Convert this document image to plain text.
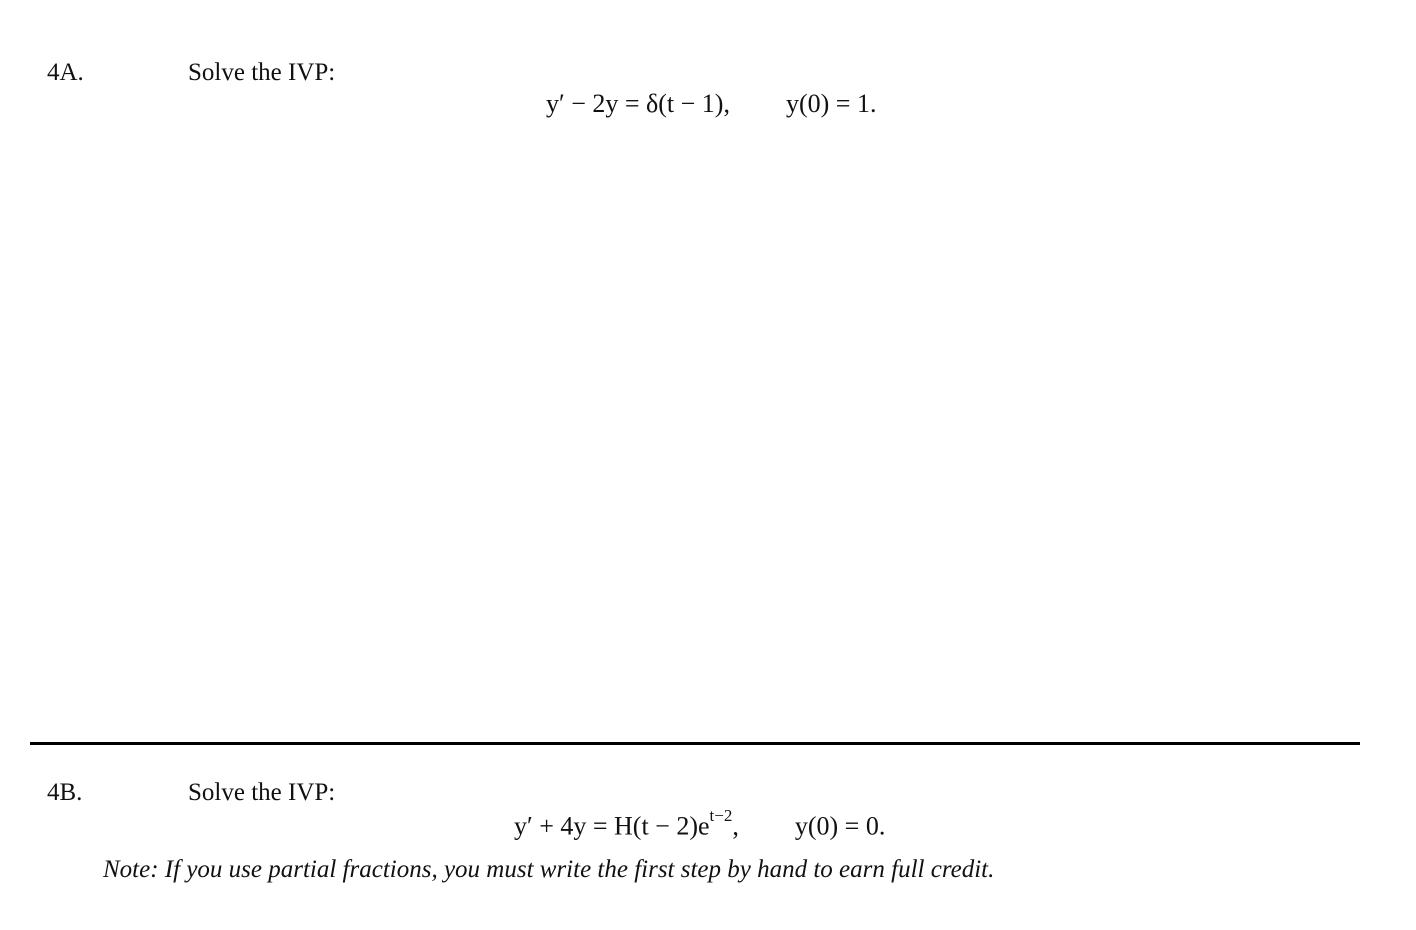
4A.	Solve the IVP:
y′ − 2y = δ(t − 1), y(0) = 1.
4B.	Solve the IVP:
$y' + 4y = H(t - 2)e^{t-2}$, y(0) = 0.
Note: If you use partial fractions, you must write the first step by hand to earn full credit.
